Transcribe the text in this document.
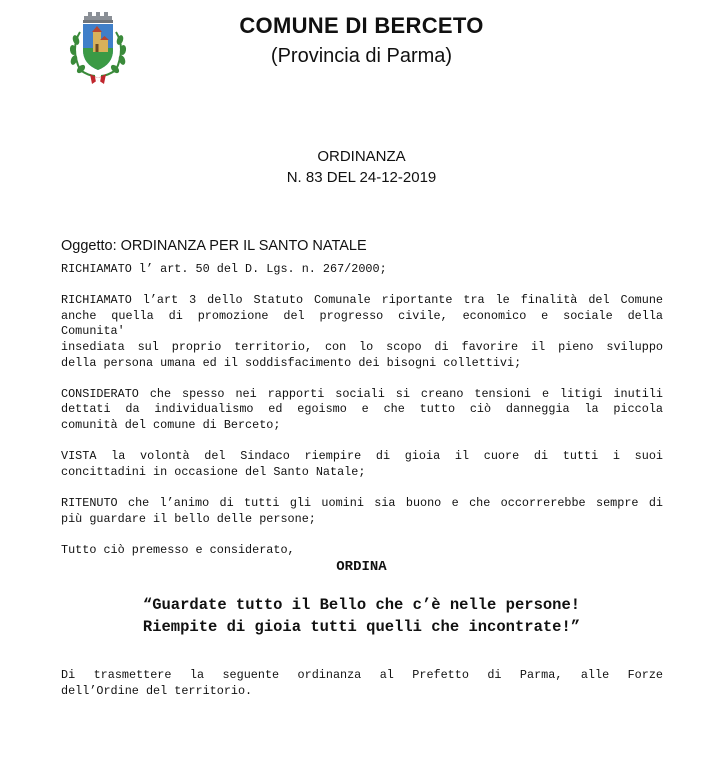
COMUNE DI BERCETO
(Provincia di Parma)
ORDINANZA
N. 83 DEL 24-12-2019
Oggetto: ORDINANZA PER IL SANTO NATALE
RICHIAMATO l’ art. 50 del D. Lgs. n. 267/2000;
RICHIAMATO l’art 3 dello Statuto Comunale riportante tra le finalità del Comune
anche quella di promozione del progresso civile, economico e sociale della
Comunita'
insediata sul proprio territorio, con lo scopo di favorire il pieno sviluppo
della persona umana ed il soddisfacimento dei bisogni collettivi;
CONSIDERATO che spesso nei rapporti sociali si creano tensioni e litigi inutili
dettati da individualismo ed egoismo e che tutto ciò danneggia la piccola
comunità del comune di Berceto;
VISTA la volontà del Sindaco riempire di gioia il cuore di tutti i suoi
concittadini in occasione del Santo Natale;
RITENUTO che l’animo di tutti gli uomini sia buono e che occorrerebbe sempre di
più guardare il bello delle persone;
Tutto ciò premesso e considerato,
ORDINA
“Guardate tutto il Bello che c’è nelle persone!
Riempite di gioia tutti quelli che incontrate!”
Di trasmettere la seguente ordinanza al Prefetto di Parma, alle Forze
dell’Ordine del territorio.
